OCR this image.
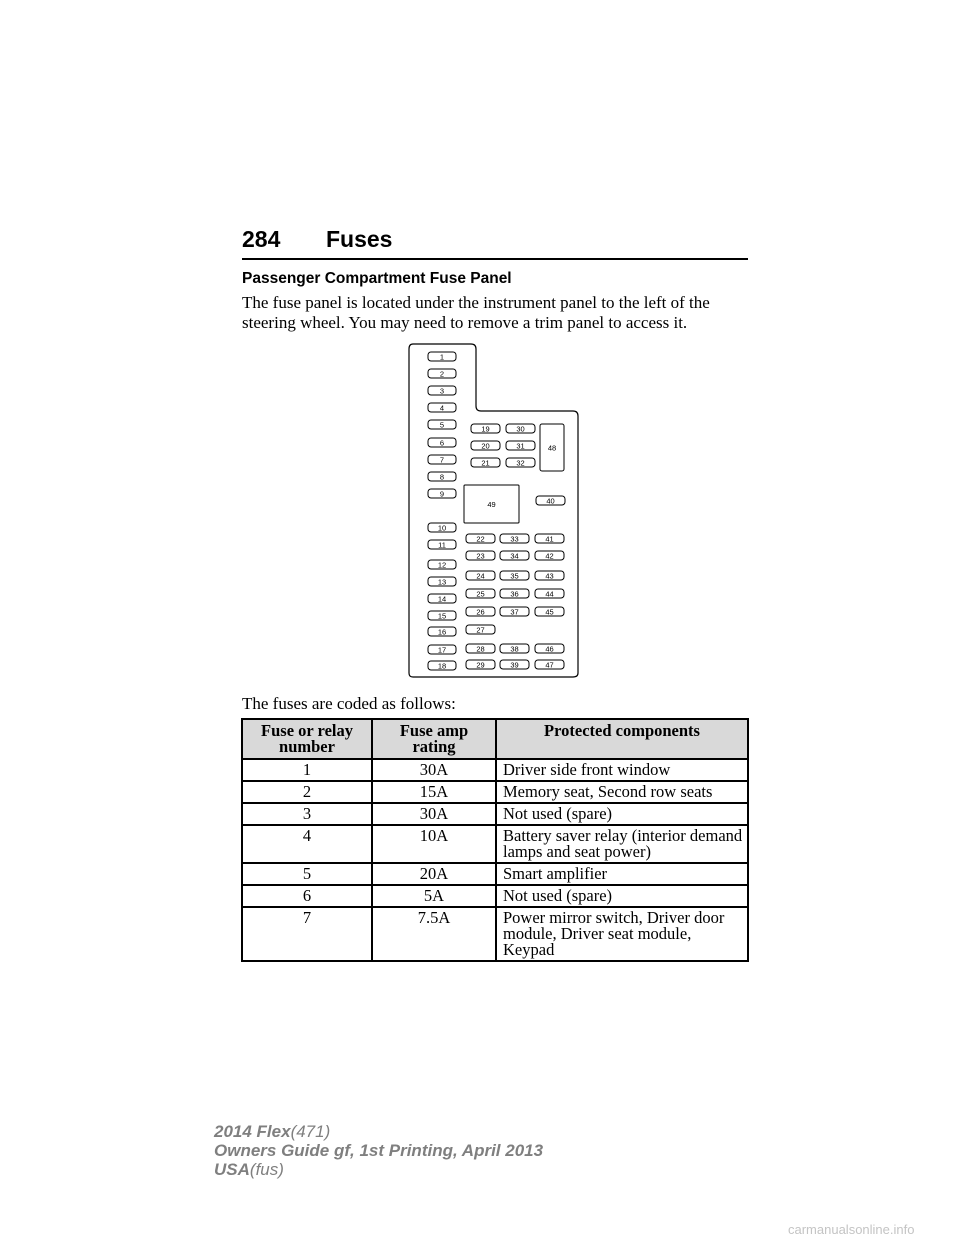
284 Fuses
Passenger Compartment Fuse Panel
The fuse panel is located under the instrument panel to the left of the steering wheel. You may need to remove a trim panel to access it.
1
2
3
4
5
6
7
8
9
10
11
12
13
14
15
16
17
18
19	30
20	31
21	32
48
49	40
22	33	41
23	34	42
24	35	43
25	36	44
26	37	45
27
28	38	46
29	39	47
The fuses are coded as follows:
Fuse or relay number	Fuse amp rating	Protected components
1	30A	Driver side front window
2	15A	Memory seat, Second row seats
3	30A	Not used (spare)
4	10A	Battery saver relay (interior demand lamps and seat power)
5	20A	Smart amplifier
6	5A	Not used (spare)
7	7.5A	Power mirror switch, Driver door module, Driver seat module, Keypad
2014 Flex(471)
Owners Guide gf, 1st Printing, April 2013
USA(fus)
carmanualsonline.info
